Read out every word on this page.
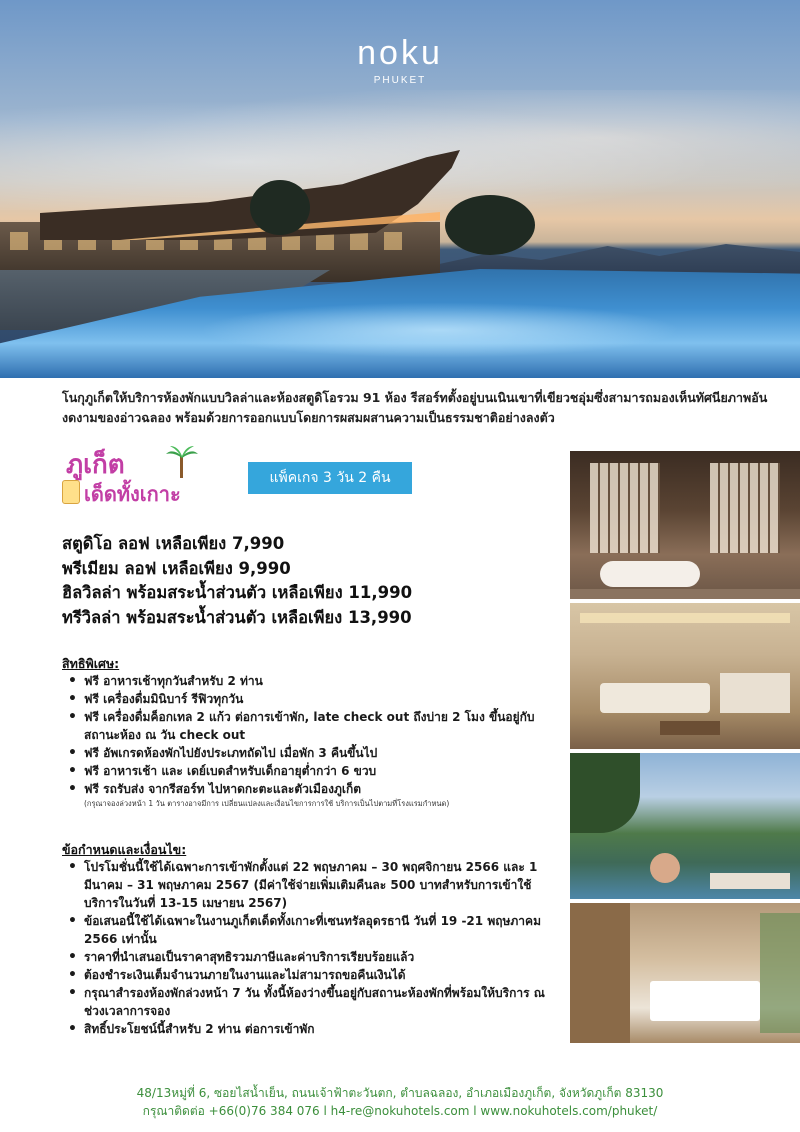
noku
PHUKET
โนกุภูเก็ตให้บริการห้องพักแบบวิลล่าและห้องสตูดิโอรวม 91 ห้อง รีสอร์ทตั้งอยู่บนเนินเขาที่เขียวชอุ่มซึ่งสามารถมองเห็นทัศนียภาพอันงดงามของอ่าวฉลอง พร้อมด้วยการออกแบบโดยการผสมผสานความเป็นธรรมชาติอย่างลงตัว
ภูเก็ต
เด็ดทั้งเกาะ
แพ็คเกจ 3 วัน 2 คืน
สตูดิโอ ลอฟ เหลือเพียง 7,990
พรีเมียม ลอฟ เหลือเพียง 9,990
ฮิลวิลล่า พร้อมสระน้ำส่วนตัว เหลือเพียง 11,990
ทรีวิลล่า พร้อมสระน้ำส่วนตัว เหลือเพียง 13,990
สิทธิพิเศษ:
• ฟรี อาหารเช้าทุกวันสำหรับ 2 ท่าน
• ฟรี เครื่องดื่มมินิบาร์ รีฟิวทุกวัน
• ฟรี เครื่องดื่มค็อกเทล 2 แก้ว ต่อการเข้าพัก, late check out ถึงบ่าย 2 โมง ขึ้นอยู่กับสถานะห้อง ณ วัน check out
• ฟรี อัพเกรดห้องพักไปยังประเภทถัดไป เมื่อพัก 3 คืนขึ้นไป
• ฟรี อาหารเช้า และ เดย์เบดสำหรับเด็กอายุต่ำกว่า 6 ขวบ
• ฟรี รถรับส่ง จากรีสอร์ท ไปหาดกะตะและตัวเมืองภูเก็ต
(กรุณาจองล่วงหน้า 1 วัน ตารางอาจมีการ เปลี่ยนแปลงและเงื่อนไขการการใช้ บริการเป็นไปตามที่โรงแรมกำหนด)
ข้อกำหนดและเงื่อนไข:
• โปรโมชั่นนี้ใช้ได้เฉพาะการเข้าพักตั้งแต่ 22 พฤษภาคม – 30 พฤศจิกายน 2566 และ 1 มีนาคม – 31 พฤษภาคม 2567 (มีค่าใช้จ่ายเพิ่มเติมคืนละ 500 บาทสำหรับการเข้าใช้บริการในวันที่ 13-15 เมษายน 2567)
• ข้อเสนอนี้ใช้ได้เฉพาะในงานภูเก็ตเด็ดทั้งเกาะที่เซนทรัลอุดรธานี วันที่ 19 -21 พฤษภาคม 2566 เท่านั้น
• ราคาที่นำเสนอเป็นราคาสุทธิรวมภาษีและค่าบริการเรียบร้อยแล้ว
• ต้องชำระเงินเต็มจำนวนภายในงานและไม่สามารถขอคืนเงินได้
• กรุณาสำรองห้องพักล่วงหน้า 7 วัน ทั้งนี้ห้องว่างขึ้นอยู่กับสถานะห้องพักที่พร้อมให้บริการ ณ ช่วงเวลาการจอง
• สิทธิ์ประโยชน์นี้สำหรับ 2 ท่าน ต่อการเข้าพัก
48/13หมู่ที่ 6, ซอยไสน้ำเย็น, ถนนเจ้าฟ้าตะวันตก, ตำบลฉลอง, อำเภอเมืองภูเก็ต, จังหวัดภูเก็ต 83130
กรุณาติดต่อ +66(0)76 384 076 l h4-re@nokuhotels.com l www.nokuhotels.com/phuket/
